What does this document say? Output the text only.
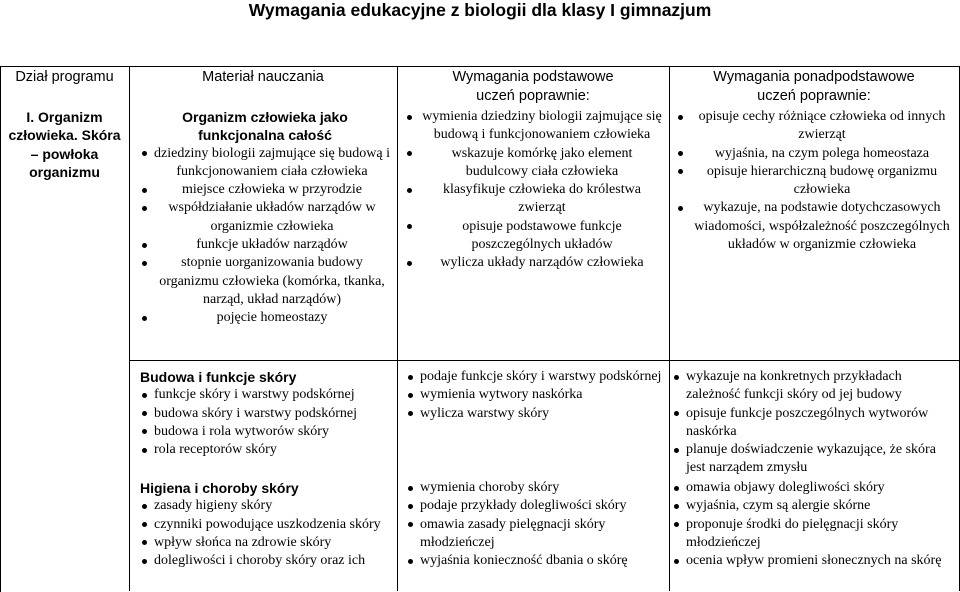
Wymagania edukacyjne z biologii dla klasy I gimnazjum
Dział programu	Materiał nauczania	Wymagania podstawowe
uczeń poprawnie:
Wymagania ponadpodstawowe
uczeń poprawnie:
I. Organizm
człowieka. Skóra
– powłoka
organizmu
Organizm człowieka jako funkcjonalna całość
dziedziny biologii zajmujące się budową i funkcjonowaniem ciała człowieka
miejsce człowieka w przyrodzie
współdziałanie układów narządów w organizmie człowieka
funkcje układów narządów
stopnie uorganizowania budowy organizmu człowieka (komórka, tkanka, narząd, układ narządów)
pojęcie homeostazy
wymienia dziedziny biologii zajmujące się budową i funkcjonowaniem człowieka
wskazuje komórkę jako element budulcowy ciała człowieka
klasyfikuje człowieka do królestwa zwierząt
opisuje podstawowe funkcje poszczególnych układów
wylicza układy narządów człowieka
opisuje cechy różniące człowieka od innych zwierząt
wyjaśnia, na czym polega homeostaza
opisuje hierarchiczną budowę organizmu człowieka
wykazuje, na podstawie dotychczasowych wiadomości, współzależność poszczególnych układów w organizmie człowieka
Budowa i funkcje skóry
funkcje skóry i warstwy podskórnej
budowa skóry i warstwy podskórnej
budowa i rola wytworów skóry
rola receptorów skóry
podaje funkcje skóry i warstwy podskórnej
wymienia wytwory naskórka
wylicza warstwy skóry
wykazuje na konkretnych przykładach zależność funkcji skóry od jej budowy
opisuje funkcje poszczególnych wytworów naskórka
planuje doświadczenie wykazujące, że skóra jest narządem zmysłu
Higiena i choroby skóry
zasady higieny skóry
czynniki powodujące uszkodzenia skóry
wpływ słońca na zdrowie skóry
dolegliwości i choroby skóry oraz ich
wymienia choroby skóry
podaje przykłady dolegliwości skóry
omawia zasady pielęgnacji skóry młodzieńczej
wyjaśnia konieczność dbania o skórę
omawia objawy dolegliwości skóry
wyjaśnia, czym są alergie skórne
proponuje środki do pielęgnacji skóry młodzieńczej
ocenia wpływ promieni słonecznych na skórę
